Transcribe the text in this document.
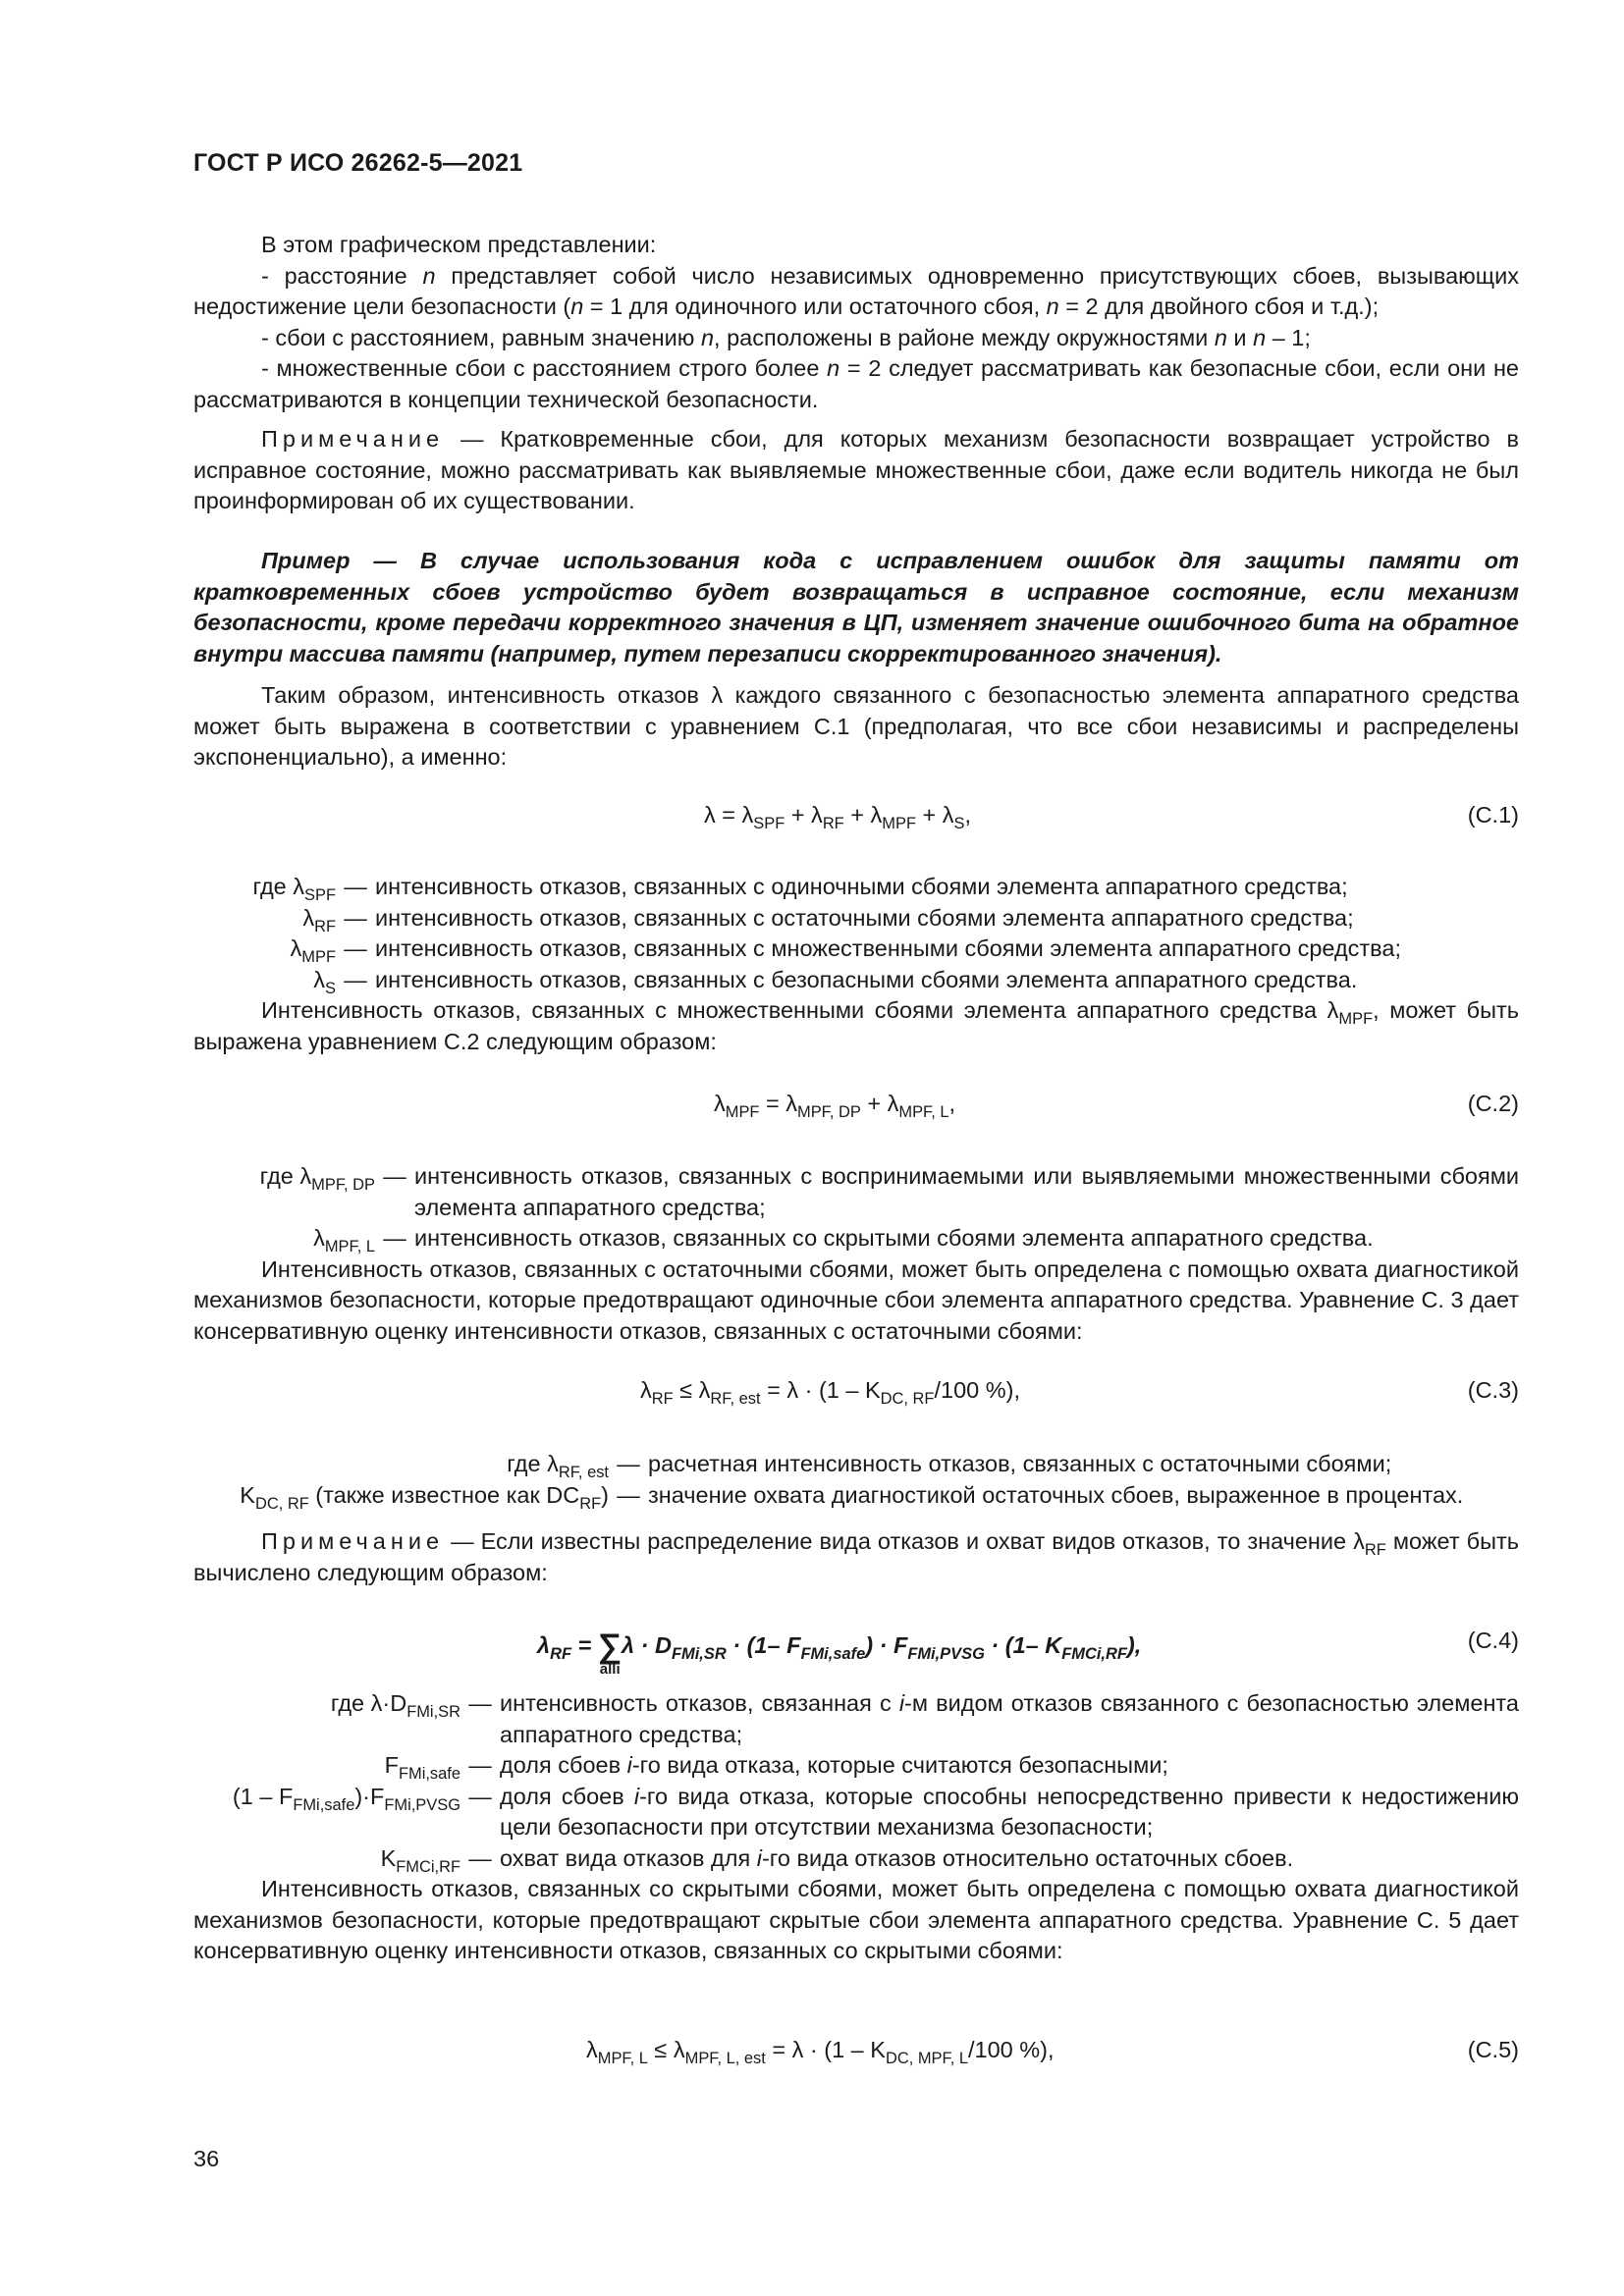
ГОСТ Р ИСО 26262-5—2021

В этом графическом представлении:

- расстояние n представляет собой число независимых одновременно присутствующих сбоев, вызывающих недостижение цели безопасности (n = 1 для одиночного или остаточного сбоя, n = 2 для двойного сбоя и т.д.);

- сбои с расстоянием, равным значению n, расположены в районе между окружностями n и n – 1;

- множественные сбои с расстоянием строго более n = 2 следует рассматривать как безопасные сбои, если они не рассматриваются в концепции технической безопасности.

Примечание — Кратковременные сбои, для которых механизм безопасности возвращает устройство в исправное состояние, можно рассматривать как выявляемые множественные сбои, даже если водитель никогда не был проинформирован об их существовании.

Пример — В случае использования кода с исправлением ошибок для защиты памяти от кратковременных сбоев устройство будет возвращаться в исправное состояние, если механизм безопасности, кроме передачи корректного значения в ЦП, изменяет значение ошибочного бита на обратное внутри массива памяти (например, путем перезаписи скорректированного значения).

Таким образом, интенсивность отказов λ каждого связанного с безопасностью элемента аппаратного средства может быть выражена в соответствии с уравнением С.1 (предполагая, что все сбои независимы и распределены экспоненциально), а именно:

$\lambda = \lambda_{SPF} + \lambda_{RF} + \lambda_{MPF} + \lambda_S$,	(С.1)
где $\lambda_{SPF}$ — интенсивность отказов, связанных с одиночными сбоями элемента аппаратного средства;
$\lambda_{RF}$ — интенсивность отказов, связанных с остаточными сбоями элемента аппаратного средства;
$\lambda_{MPF}$ — интенсивность отказов, связанных с множественными сбоями элемента аппаратного средства;
$\lambda_S$ — интенсивность отказов, связанных с безопасными сбоями элемента аппаратного средства.

Интенсивность отказов, связанных с множественными сбоями элемента аппаратного средства $\lambda_{MPF}$, может быть выражена уравнением С.2 следующим образом:

$\lambda_{MPF} = \lambda_{MPF, DP} + \lambda_{MPF, L}$,	(С.2)
где $\lambda_{MPF, DP}$ — интенсивность отказов, связанных с воспринимаемыми или выявляемыми множественными сбоями элемента аппаратного средства;
$\lambda_{MPF, L}$ — интенсивность отказов, связанных со скрытыми сбоями элемента аппаратного средства.

Интенсивность отказов, связанных с остаточными сбоями, может быть определена с помощью охвата диагностикой механизмов безопасности, которые предотвращают одиночные сбои элемента аппаратного средства. Уравнение С. 3 дает консервативную оценку интенсивности отказов, связанных с остаточными сбоями:

$\lambda_{RF} \le \lambda_{RF, est} = \lambda \cdot (1 - K_{DC, RF}/100$ %),	(С.3)
где $\lambda_{RF, est}$ — расчетная интенсивность отказов, связанных с остаточными сбоями;
$K_{DC, RF}$ (также известное как $DC_{RF}$) — значение охвата диагностикой остаточных сбоев, выраженное в процентах.

Примечание — Если известны распределение вида отказов и охват видов отказов, то значение $\lambda_{RF}$ может быть вычислено следующим образом:

$\lambda_{RF}$ = ∑
alli
$\lambda \cdot D_{FMi,SR} \cdot (1-$ $F_{FMi,safe}) \cdot F_{FMi,PVSG} \cdot (1-$ $K_{FMCi,RF}$),	(С.4)
где $\lambda\cdot D_{FMi,SR}$ — интенсивность отказов, связанная с i-м видом отказов связанного с безопасностью элемента аппаратного средства;
$F_{FMi,safe}$ — доля сбоев i-го вида отказа, которые считаются безопасными;
$(1 - F_{FMi,safe})\cdot F_{FMi,PVSG}$ — доля сбоев i-го вида отказа, которые способны непосредственно привести к недостижению цели безопасности при отсутствии механизма безопасности;
$K_{FMCi,RF}$ — охват вида отказов для i-го вида отказов относительно остаточных сбоев.

Интенсивность отказов, связанных со скрытыми сбоями, может быть определена с помощью охвата диагностикой механизмов безопасности, которые предотвращают скрытые сбои элемента аппаратного средства. Уравнение С. 5 дает консервативную оценку интенсивности отказов, связанных со скрытыми сбоями:

$\lambda_{MPF, L} \le \lambda_{MPF, L, est} = \lambda \cdot (1 - K_{DC, MPF, L}/100$ %),	(С.5)
36
